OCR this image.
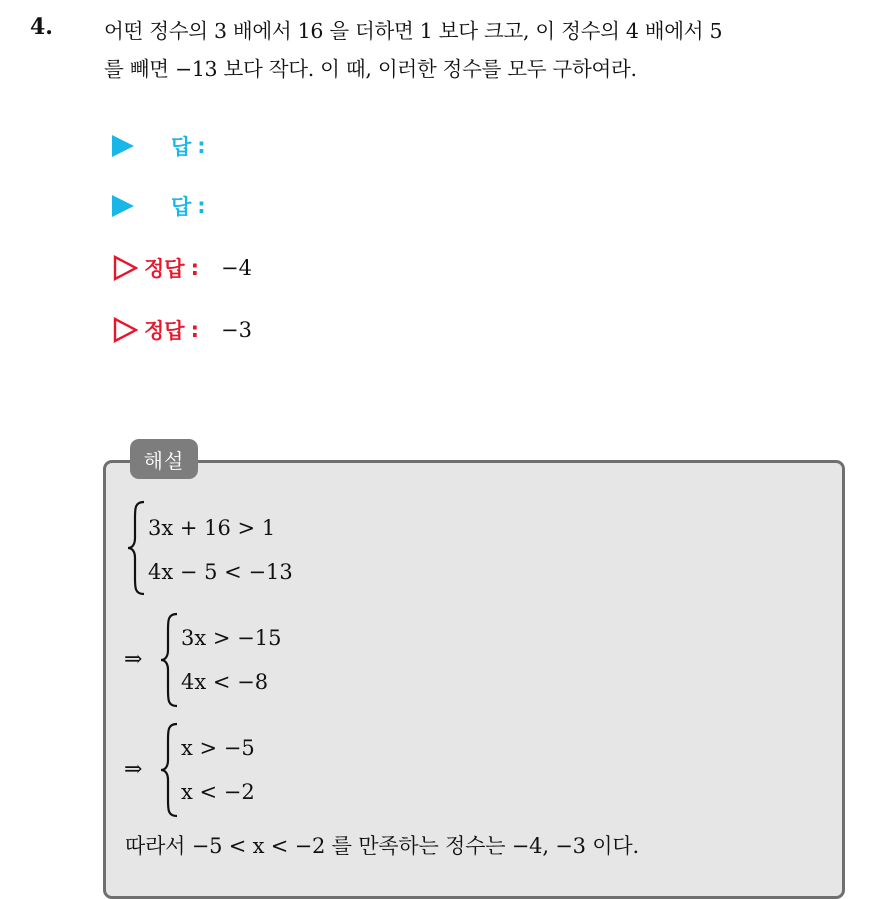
4. 어떤 정수의 3 배에서 16 을 더하면 1 보다 크고, 이 정수의 4 배에서 5
를 빼면 −13 보다 작다. 이 때, 이러한 정수를 모두 구하여라.
답 :
답 :
정답 : −4
정답 : −3
해설
3x + 16 > 1
4x − 5 < −13
⇒
3x > −15
4x < −8
⇒
x > −5
x < −2
따라서 −5 < x < −2 를 만족하는 정수는 −4, −3 이다.
